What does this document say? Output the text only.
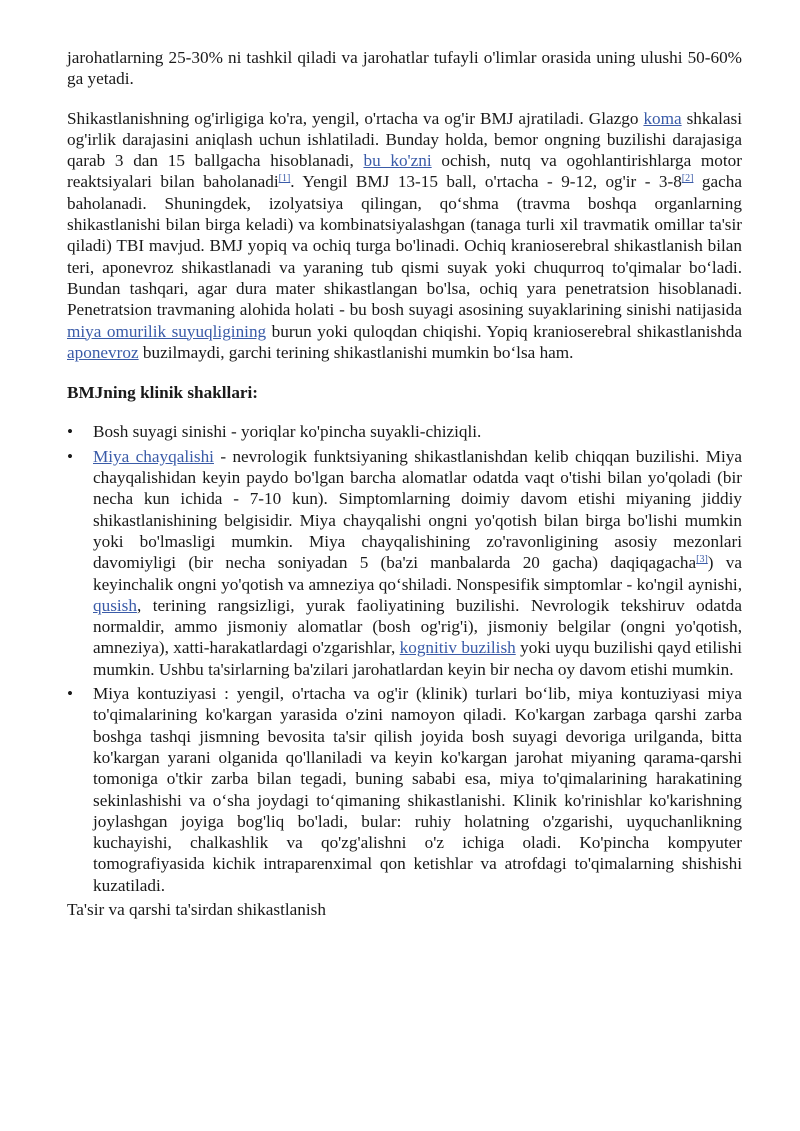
jarohatlarning 25-30% ni tashkil qiladi va jarohatlar tufayli o'limlar orasida uning ulushi 50-60% ga yetadi.

Shikastlanishning og'irligiga ko'ra, yengil, o'rtacha va og'ir BMJ ajratiladi. Glazgo koma shkalasi og'irlik darajasini aniqlash uchun ishlatiladi. Bunday holda, bemor ongning buzilishi darajasiga qarab 3 dan 15 ballgacha hisoblanadi, bu ko'zni ochish, nutq va ogohlantirishlarga motor reaktsiyalari bilan baholanadi[1]. Yengil BMJ 13-15 ball, o'rtacha - 9-12, og'ir - 3-8[2] gacha baholanadi. Shuningdek, izolyatsiya qilingan, qo‘shma (travma boshqa organlarning shikastlanishi bilan birga keladi) va kombinatsiyalashgan (tanaga turli xil travmatik omillar ta'sir qiladi) TBI mavjud. BMJ yopiq va ochiq turga bo'linadi. Ochiq kranioserebral shikastlanish bilan teri, aponevroz shikastlanadi va yaraning tub qismi suyak yoki chuqurroq to'qimalar bo‘ladi. Bundan tashqari, agar dura mater shikastlangan bo'lsa, ochiq yara penetratsion hisoblanadi. Penetratsion travmaning alohida holati - bu bosh suyagi asosining suyaklarining sinishi natijasida miya omurilik suyuqligining burun yoki quloqdan chiqishi. Yopiq kranioserebral shikastlanishda aponevroz buzilmaydi, garchi terining shikastlanishi mumkin bo‘lsa ham.

BMJning klinik shakllari:

•	Bosh suyagi sinishi - yoriqlar ko'pincha suyakli-chiziqli.
•	Miya chayqalishi - nevrologik funktsiyaning shikastlanishdan kelib chiqqan buzilishi. Miya chayqalishidan keyin paydo bo'lgan barcha alomatlar odatda vaqt o'tishi bilan yo'qoladi (bir necha kun ichida - 7-10 kun). Simptomlarning doimiy davom etishi miyaning jiddiy shikastlanishining belgisidir. Miya chayqalishi ongni yo'qotish bilan birga bo'lishi mumkin yoki bo'lmasligi mumkin. Miya chayqalishining zo'ravonligining asosiy mezonlari davomiyligi (bir necha soniyadan 5 (ba'zi manbalarda 20 gacha) daqiqagacha[3]) va keyinchalik ongni yo'qotish va amneziya qo‘shiladi. Nonspesifik simptomlar - ko'ngil aynishi, qusish, terining rangsizligi, yurak faoliyatining buzilishi. Nevrologik tekshiruv odatda normaldir, ammo jismoniy alomatlar (bosh og'rig'i), jismoniy belgilar (ongni yo'qotish, amneziya), xatti-harakatlardagi o'zgarishlar, kognitiv buzilish yoki uyqu buzilishi qayd etilishi mumkin. Ushbu ta'sirlarning ba'zilari jarohatlardan keyin bir necha oy davom etishi mumkin.
•	Miya kontuziyasi : yengil, o'rtacha va og'ir (klinik) turlari bo‘lib, miya kontuziyasi miya to'qimalarining ko'kargan yarasida o'zini namoyon qiladi. Ko'kargan zarbaga qarshi zarba boshga tashqi jismning bevosita ta'sir qilish joyida bosh suyagi devoriga urilganda, bitta ko'kargan yarani olganida qo'llaniladi va keyin ko'kargan jarohat miyaning qarama-qarshi tomoniga o'tkir zarba bilan tegadi, buning sababi esa, miya to'qimalarining harakatining sekinlashishi va o‘sha joydagi to‘qimaning shikastlanishi. Klinik ko'rinishlar ko'karishning joylashgan joyiga bog'liq bo'ladi, bular: ruhiy holatning o'zgarishi, uyquchanlikning kuchayishi, chalkashlik va qo'zg'alishni o'z ichiga oladi. Ko'pincha kompyuter tomografiyasida kichik intraparenximal qon ketishlar va atrofdagi to'qimalarning shishishi kuzatiladi.

Ta'sir va qarshi ta'sirdan shikastlanish
